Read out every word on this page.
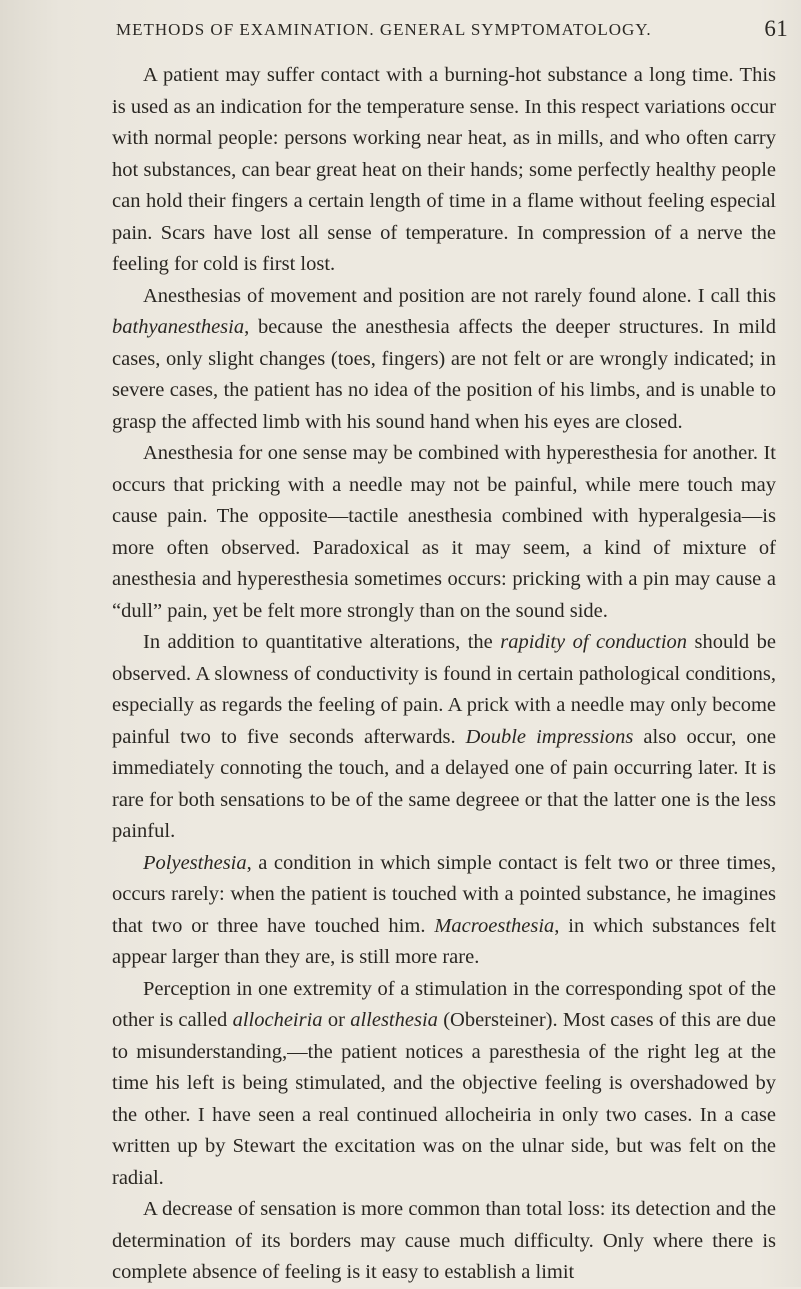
METHODS OF EXAMINATION. GENERAL SYMPTOMATOLOGY.	61

A patient may suffer contact with a burning-hot substance a long time. This is used as an indication for the temperature sense. In this respect variations occur with normal people: persons working near heat, as in mills, and who often carry hot substances, can bear great heat on their hands; some perfectly healthy people can hold their fingers a certain length of time in a flame without feeling especial pain. Scars have lost all sense of temperature. In compression of a nerve the feeling for cold is first lost.

Anesthesias of movement and position are not rarely found alone. I call this bathyanesthesia, because the anesthesia affects the deeper structures. In mild cases, only slight changes (toes, fingers) are not felt or are wrongly indicated; in severe cases, the patient has no idea of the position of his limbs, and is unable to grasp the affected limb with his sound hand when his eyes are closed.

Anesthesia for one sense may be combined with hyperesthesia for another. It occurs that pricking with a needle may not be painful, while mere touch may cause pain. The opposite—tactile anesthesia combined with hyperalgesia—is more often observed. Paradoxical as it may seem, a kind of mixture of anesthesia and hyperesthesia sometimes occurs: pricking with a pin may cause a “dull” pain, yet be felt more strongly than on the sound side.

In addition to quantitative alterations, the rapidity of conduction should be observed. A slowness of conductivity is found in certain pathological conditions, especially as regards the feeling of pain. A prick with a needle may only become painful two to five seconds afterwards. Double impressions also occur, one immediately connoting the touch, and a delayed one of pain occurring later. It is rare for both sensations to be of the same degreee or that the latter one is the less painful.

Polyesthesia, a condition in which simple contact is felt two or three times, occurs rarely: when the patient is touched with a pointed substance, he imagines that two or three have touched him. Macroesthesia, in which substances felt appear larger than they are, is still more rare.

Perception in one extremity of a stimulation in the corresponding spot of the other is called allocheiria or allesthesia (Obersteiner). Most cases of this are due to misunderstanding,—the patient notices a paresthesia of the right leg at the time his left is being stimulated, and the objective feeling is overshadowed by the other. I have seen a real continued allocheiria in only two cases. In a case written up by Stewart the excitation was on the ulnar side, but was felt on the radial.

A decrease of sensation is more common than total loss: its detection and the determination of its borders may cause much difficulty. Only where there is complete absence of feeling is it easy to establish a limit
